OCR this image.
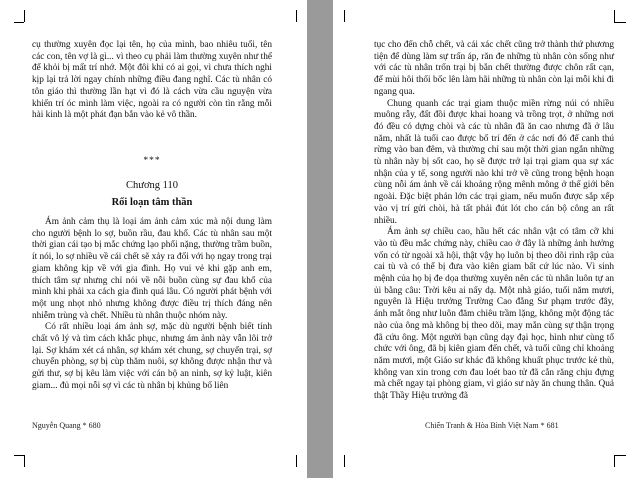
cụ thường xuyên đọc lại tên, họ của mình, bao nhiêu tuổi, tên các con, tên vợ là gì... vì theo cụ phải làm thường xuyên như thế để khỏi bị mất trí nhớ. Một đôi khi có ai gọi, vì chưa thích nghi kịp lại trả lời ngay chính những điều đang nghĩ. Các tù nhân có tôn giáo thì thường lần hạt vì đó là cách vừa cầu nguyện vừa khiến trí óc mình làm việc, ngoài ra có người còn tìn rằng mỗi hài kinh là một phát đạn bắn vào kẻ vô thần.

***
Chương 110
Rối loạn tâm thần

Ám ảnh cảm thụ là loại ám ảnh cảm xúc mà nội dung làm cho người bệnh lo sợ, buồn rầu, đau khổ. Các tù nhân sau một thời gian cái tạo bị mắc chứng lạo phổi nặng, thường trầm buồn, ít nói, lo sợ nhiều về cái chết sẽ xảy ra đối với họ ngay trong trại giam không kịp về với gia đình. Họ vui vẻ khi gặp anh em, thích tâm sự nhưng chỉ nói về nỗi buồn cùng sự đau khổ của mình khi phải xa cách gia đình quá lâu. Có người phát bệnh với một ung nhọt nhỏ nhưng không được điều trị thích đáng nên nhiễm trùng và chết. Nhiều tù nhân thuộc nhóm này.

Có rất nhiều loại ám ảnh sợ, mặc dù người bệnh biết tính chất vô lý và tìm cách khắc phục, nhưng ám ảnh này vẫn lôi trở lại. Sợ khám xét cá nhân, sợ khám xét chung, sợ chuyển trại, sợ chuyển phòng, sợ bị cùp thăm nuôi, sợ không được nhận thư và gửi thư, sợ bị kêu làm việc với cán bộ an ninh, sợ kỷ luật, kiên giam... đủ mọi nỗi sợ vì các tù nhân bị khủng bố liên

Nguyễn Quang * 680

tục cho đến chỗ chết, và cái xác chết cũng trở thành thứ phương tiện để dùng làm sự trấn áp, răn đe những tù nhân còn sống như với các tù nhân trốn trại bị bắn chết thường được chôn rất cạn, để mùi hôi thối bốc lên làm hãi những tù nhân còn lại mỗi khi đi ngang qua.

Chung quanh các trại giam thuộc miền rừng núi có nhiều muông rẫy, đất đồi được khai hoang và trồng trọt, ở những nơi đó đều có dựng chòi và các tù nhân đã ăn cao nhưng đã ở lâu năm, nhất là tuổi cao được bố trí đến ở các nơi đó để canh thú rừng vào ban đêm, và thường chỉ sau một thời gian ngắn những tù nhân này bị sốt cao, họ sẽ được trở lại trại giam qua sự xác nhận của y tế, song người nào khi trở về cũng trong bệnh hoạn cùng nỗi ám ảnh về cái khoảng rộng mênh mông ở thế giới bên ngoài. Đặc biệt phản lớn các trại giam, nếu muốn được sắp xếp vào vị trí gửi chòi, hà tất phải đút lót cho cán bộ công an rất nhiều.

Ám ảnh sợ chiều cao, hầu hết các nhân vật có tâm cỡ khi vào tù đều mắc chứng này, chiều cao ở đây là những ảnh hưởng vốn có từ ngoài xã hội, thật vậy họ luôn bị theo dõi rình rập của cai tù và có thể bị đưa vào kiên giam bất cứ lúc nào. Vì sinh mệnh của họ bị đe dọa thường xuyên nên các tù nhân luôn tự an ủi bằng câu: Trời kêu ai nấy dạ. Một nhà giáo, tuổi năm mươi, nguyên là Hiệu trưởng Trường Cao đẳng Sư phạm trước đây, ánh mắt ông như luôn đăm chiêu trầm lặng, không một động tác nào của ông mà không bị theo dõi, may mắn cùng sự thận trọng đã cứu ông. Một người bạn cũng dạy đại học, hình như cùng tổ chức với ông, đã bị kiên giam đến chết, và tuổi cũng chỉ khoảng năm mươi, một Giáo sư khác đã không khuất phục trước kẻ thù, không van xin trong cơn đau loét bao tử đã cắn răng chịu đựng mà chết ngay tại phòng giam, vì giáo sư này ăn chung thân. Quả thật Thầy Hiệu trưởng đã

Chiến Tranh & Hòa Bình Việt Nam * 681
